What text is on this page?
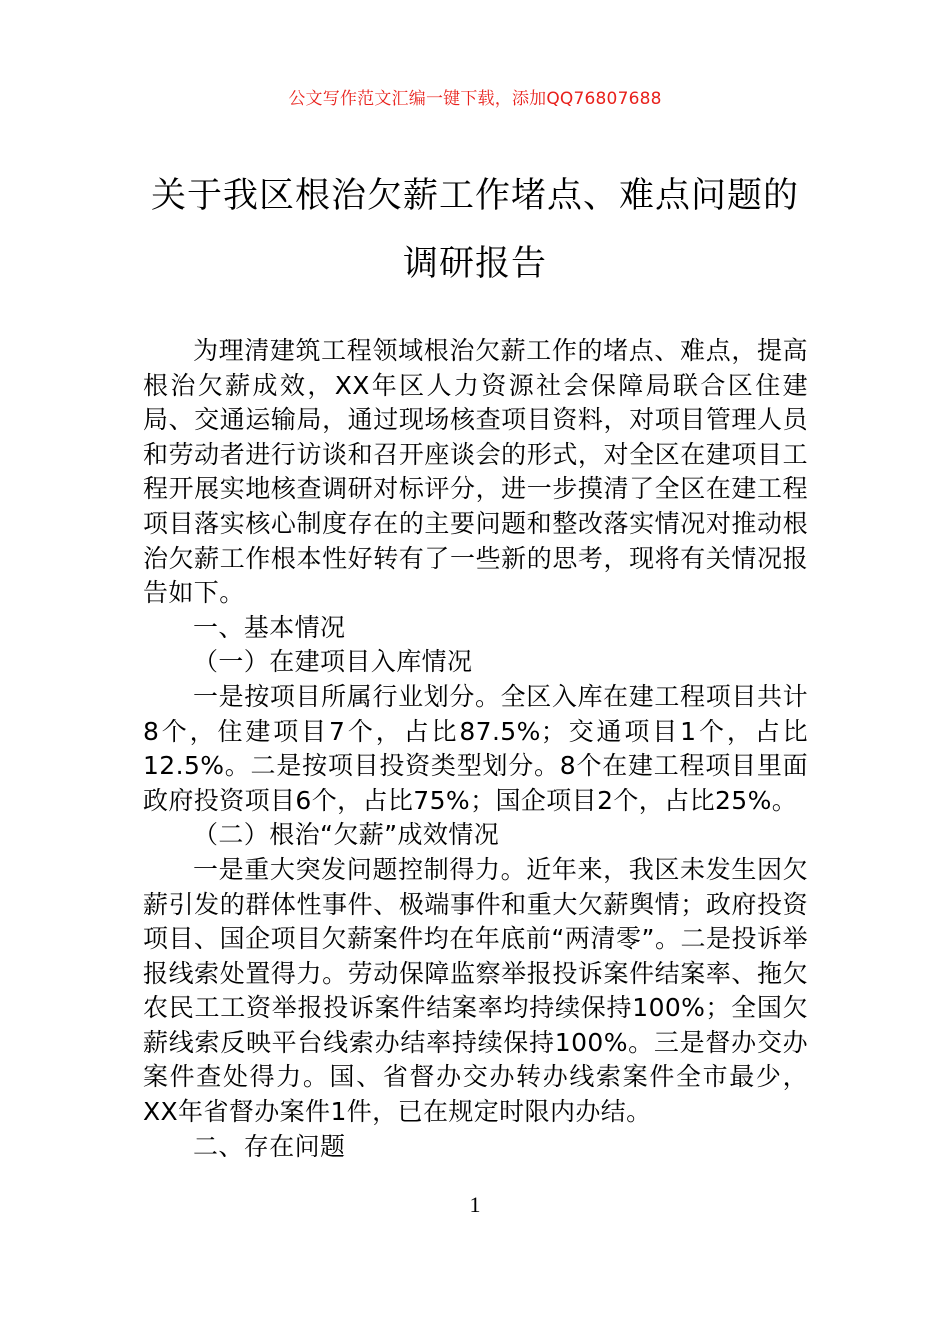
公文写作范文汇编一键下载，添加QQ76807688
关于我区根治欠薪工作堵点、难点问题的
调研报告

为理清建筑工程领域根治欠薪工作的堵点、难点，提高根治欠薪成效，XX年区人力资源社会保障局联合区住建局、交通运输局，通过现场核查项目资料，对项目管理人员和劳动者进行访谈和召开座谈会的形式，对全区在建项目工程开展实地核查调研对标评分，进一步摸清了全区在建工程项目落实核心制度存在的主要问题和整改落实情况对推动根治欠薪工作根本性好转有了一些新的思考，现将有关情况报告如下。

一、基本情况

（一）在建项目入库情况

一是按项目所属行业划分。全区入库在建工程项目共计8个，住建项目7个，占比87.5%；交通项目1个，占比12.5%。二是按项目投资类型划分。8个在建工程项目里面政府投资项目6个，占比75%；国企项目2个，占比25%。

（二）根治“欠薪”成效情况

一是重大突发问题控制得力。近年来，我区未发生因欠薪引发的群体性事件、极端事件和重大欠薪舆情；政府投资项目、国企项目欠薪案件均在年底前“两清零”。二是投诉举报线索处置得力。劳动保障监察举报投诉案件结案率、拖欠农民工工资举报投诉案件结案率均持续保持100%；全国欠薪线索反映平台线索办结率持续保持100%。三是督办交办案件查处得力。国、省督办交办转办线索案件全市最少，XX年省督办案件1件，已在规定时限内办结。

二、存在问题

1
